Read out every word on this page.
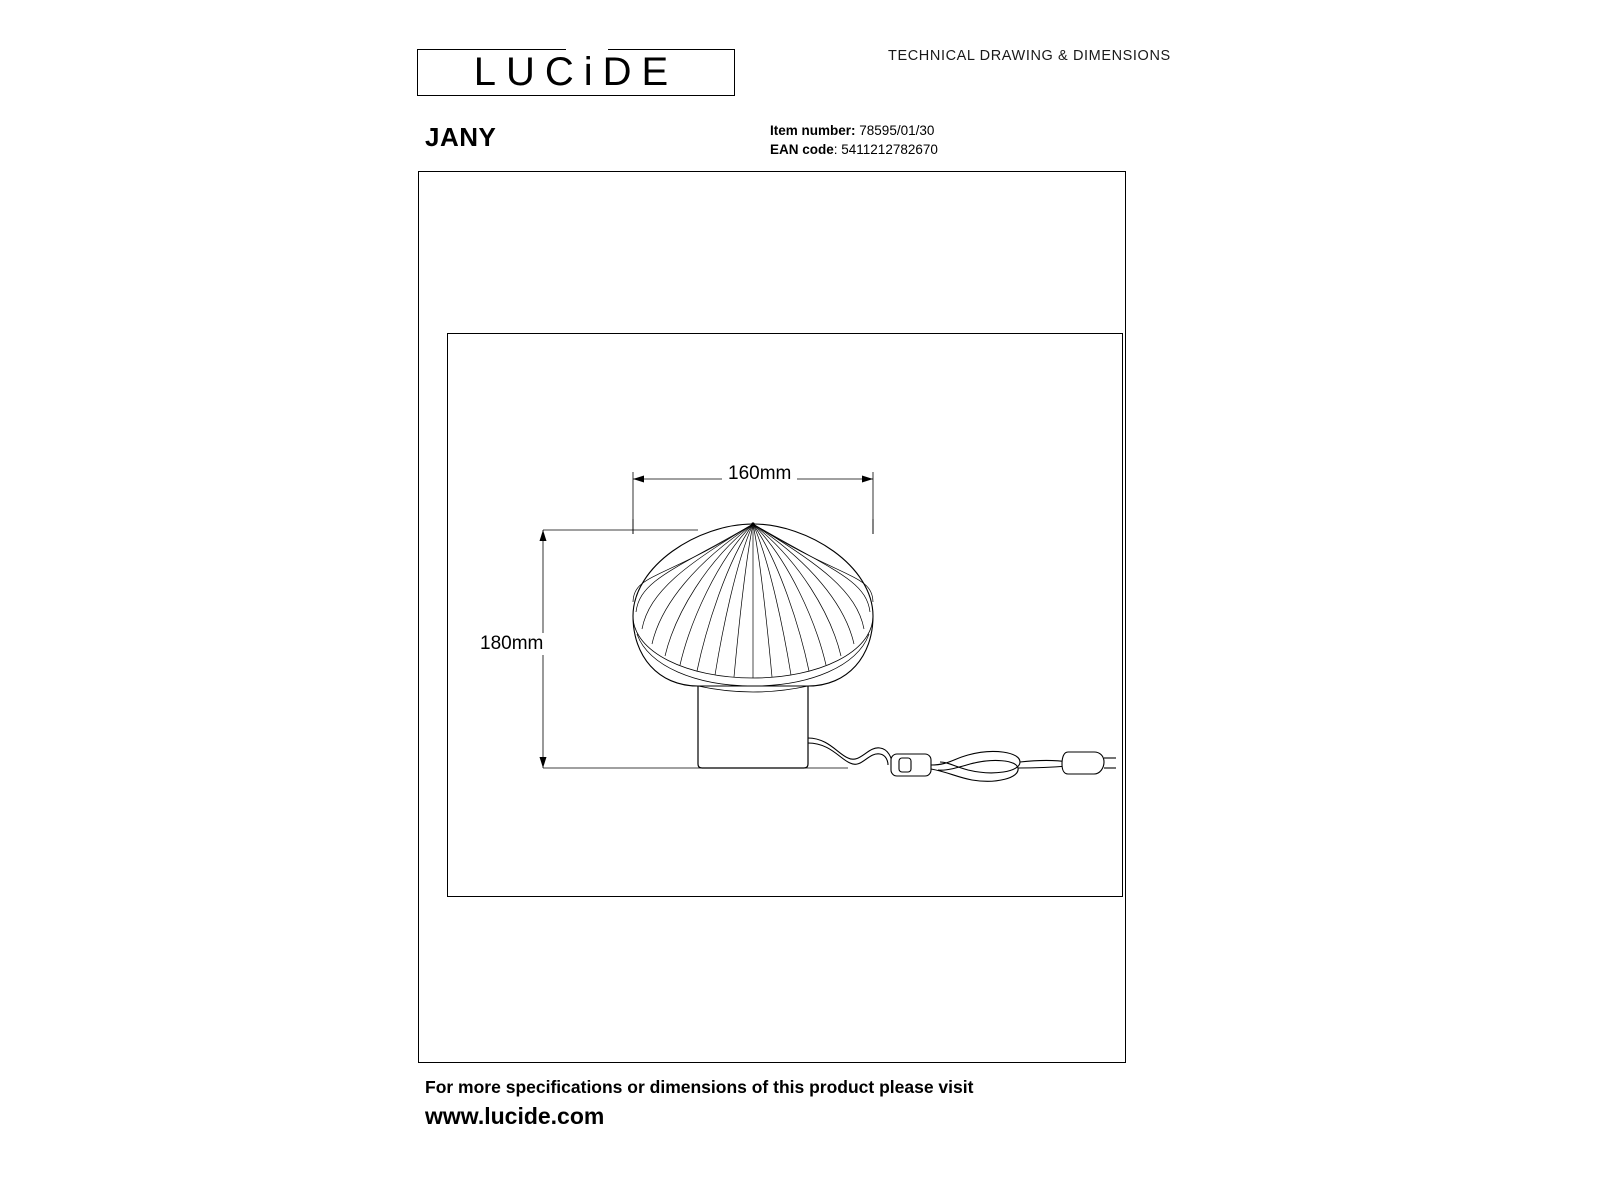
LUCiDE	TECHNICAL DRAWING & DIMENSIONS
JANY	Item number: 78595/01/30
EAN code: 5411212782670
160mm
180mm
For more specifications or dimensions of this product please visit
www.lucide.com
